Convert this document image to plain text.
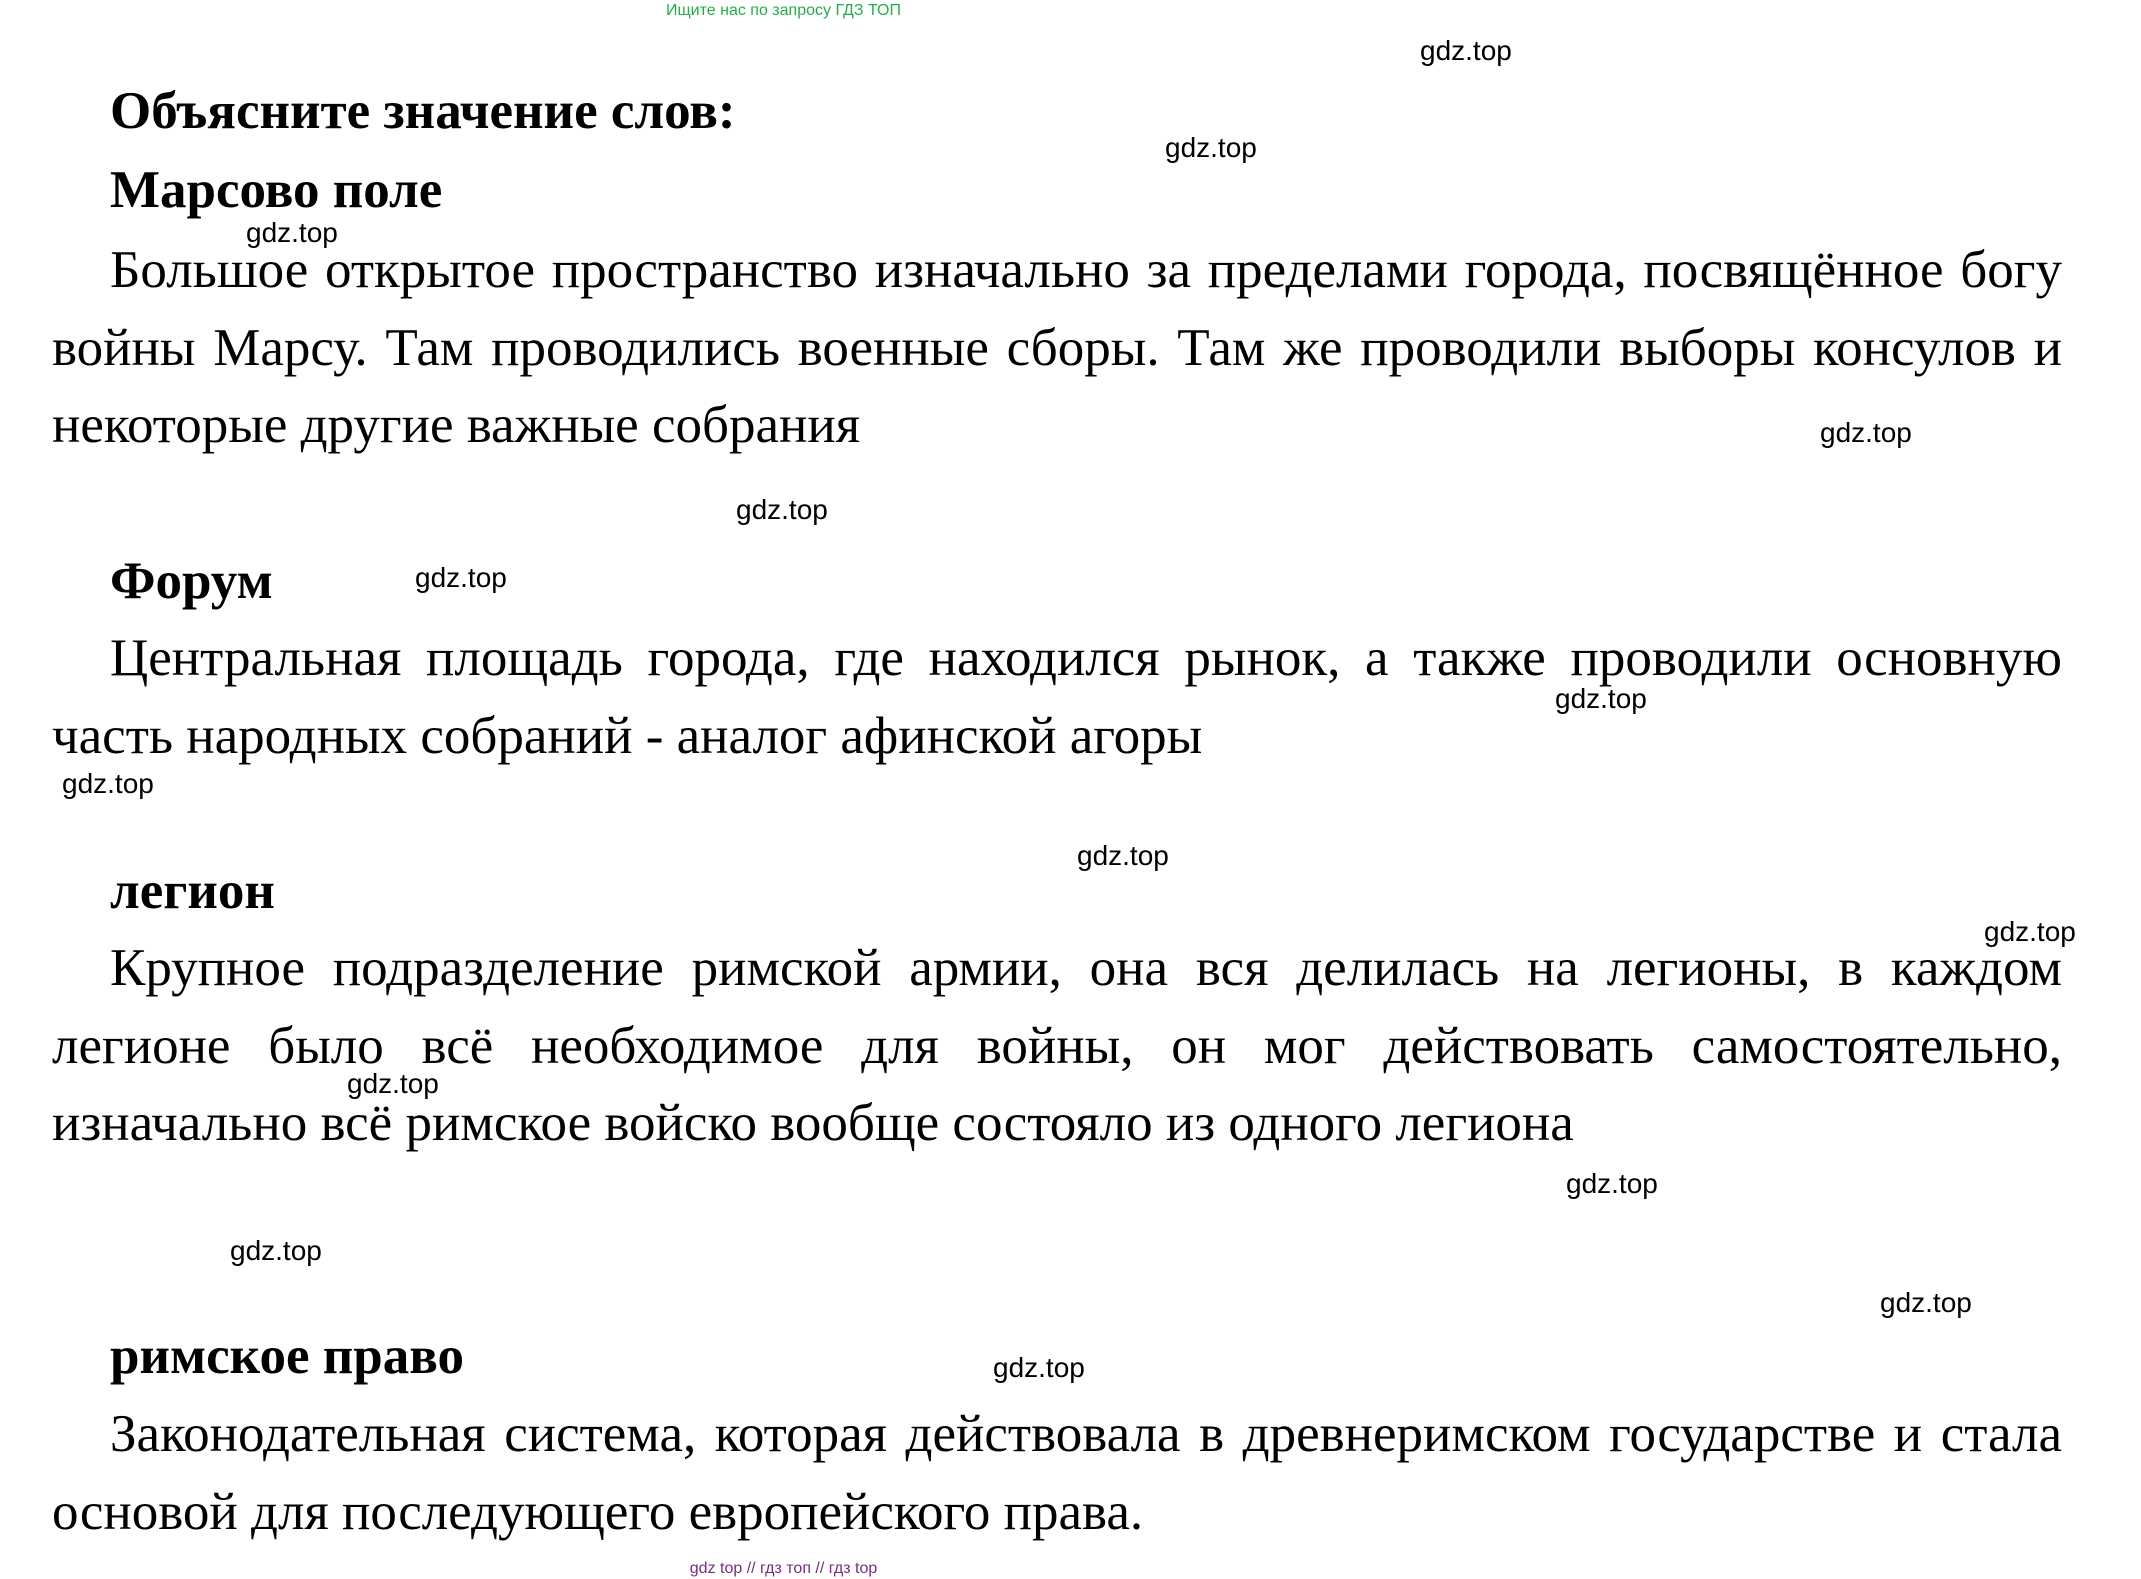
Ищите нас по запросу ГДЗ ТОП
Объясните значение слов:
Марсово поле

Большое открытое пространство изначально за пределами города, посвящённое богу войны Марсу. Там проводились военные сборы. Там же проводили выборы консулов и некоторые другие важные собрания

Форум

Центральная площадь города, где находился рынок, а также проводили основную часть народных собраний - аналог афинской агоры

легион

Крупное подразделение римской армии, она вся делилась на легионы, в каждом легионе было всё необходимое для войны, он мог действовать самостоятельно, изначально всё римское войско вообще состояло из одного легиона

римское право

Законодательная система, которая действовала в древнеримском государстве и стала основой для последующего европейского права.

gdz.top
gdz.top
gdz.top
gdz.top
gdz.top
gdz.top
gdz.top
gdz.top
gdz.top
gdz.top
gdz.top
gdz.top
gdz.top
gdz.top
gdz.top
gdz top // гдз топ // гдз top
